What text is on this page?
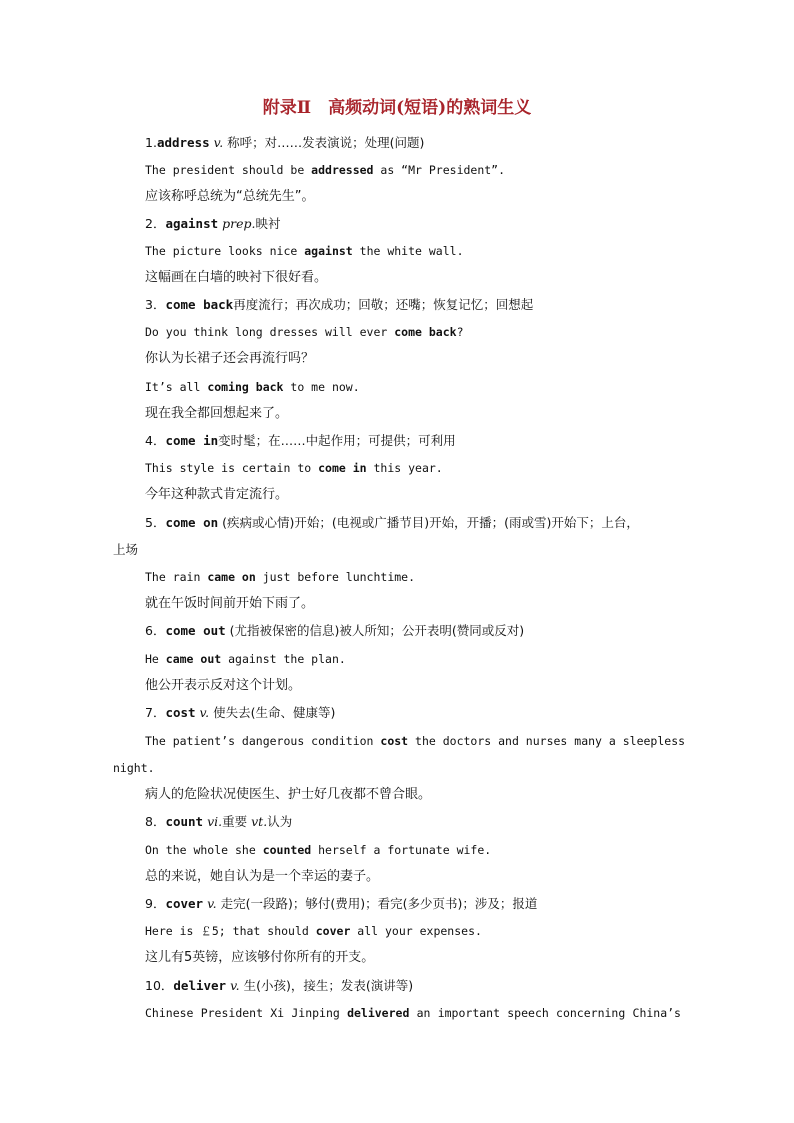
附录Ⅱ　高频动词(短语)的熟词生义
1.address v. 称呼；对……发表演说；处理(问题)
The president should be addressed as “Mr President”.
应该称呼总统为“总统先生”。
2．against prep.映衬
The picture looks nice against the white wall.
这幅画在白墙的映衬下很好看。
3．come back再度流行；再次成功；回敬；还嘴；恢复记忆；回想起
Do you think long dresses will ever come back?
你认为长裙子还会再流行吗？
It’s all coming back to me now.
现在我全都回想起来了。
4．come in变时髦；在……中起作用；可提供；可利用
This style is certain to come in this year.
今年这种款式肯定流行。
5．come on (疾病或心情)开始；(电视或广播节目)开始，开播；(雨或雪)开始下；上台，
上场
The rain came on just before lunchtime.
就在午饭时间前开始下雨了。
6．come out (尤指被保密的信息)被人所知；公开表明(赞同或反对)
He came out against the plan.
他公开表示反对这个计划。
7．cost v. 使失去(生命、健康等)
The patient’s dangerous condition cost the doctors and nurses many a sleepless
night.
病人的危险状况使医生、护士好几夜都不曾合眼。
8．count vi.重要 vt.认为
On the whole she counted herself a fortunate wife.
总的来说，她自认为是一个幸运的妻子。
9．cover v. 走完(一段路)；够付(费用)；看完(多少页书)；涉及；报道
Here is ￡5; that should cover all your expenses.
这儿有5英镑，应该够付你所有的开支。
10．deliver v. 生(小孩)，接生；发表(演讲等)
Chinese President Xi Jinping delivered an important speech concerning China’s
